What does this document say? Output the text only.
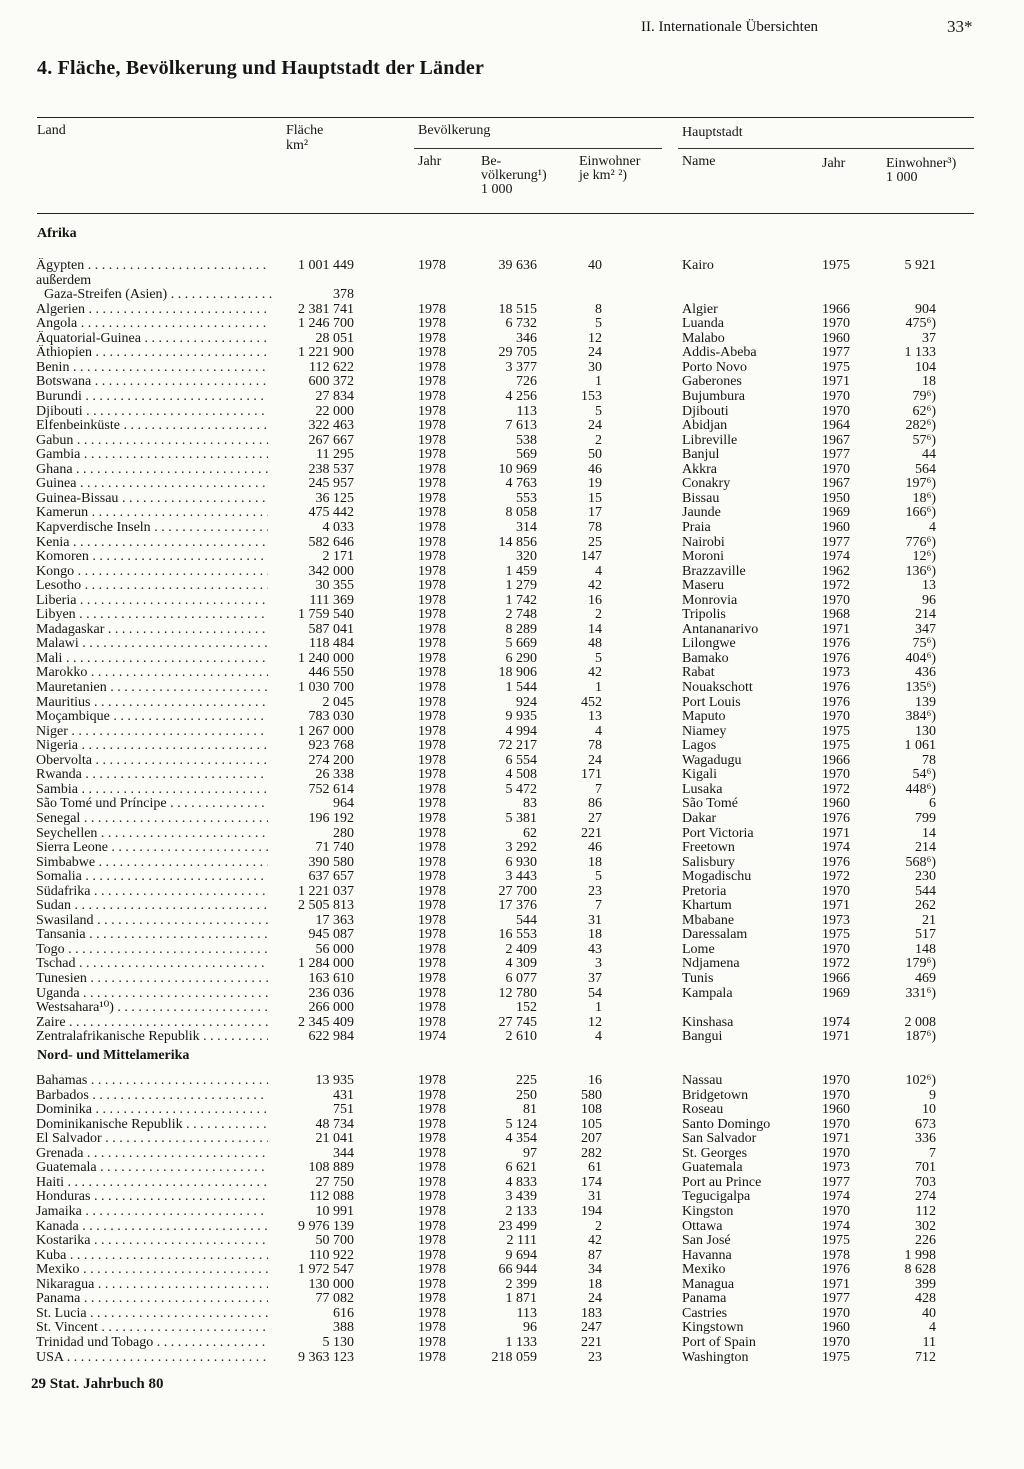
II. Internationale Übersichten	33*
4. Fläche, Bevölkerung und Hauptstadt der Länder
Land	Fläche
km²
Bevölkerung	Hauptstadt
Jahr	Be-
völkerung¹)
1 000
Einwohner
je km² ²)
Name	Jahr	Einwohner³)
1 000
Afrika
Ägypten . . .	1 001 449	1978	39 636	40	Kairo	1975	5 921
außerdem
Gaza-Streifen (Asien) . . .	378
Algerien . . .	2 381 741	1978	18 515	8	Algier	1966	904
Angola . . .	1 246 700	1978	6 732	5	Luanda	1970	475⁶)
Äquatorial-Guinea . . .	28 051	1978	346	12	Malabo	1960	37
Äthiopien . . .	1 221 900	1978	29 705	24	Addis-Abeba	1977	1 133
Benin . . .	112 622	1978	3 377	30	Porto Novo	1975	104
Botswana . . .	600 372	1978	726	1	Gaberones	1971	18
Burundi . . .	27 834	1978	4 256	153	Bujumbura	1970	79⁶)
Djibouti . . .	22 000	1978	113	5	Djibouti	1970	62⁶)
Elfenbeinküste . . .	322 463	1978	7 613	24	Abidjan	1964	282⁶)
Gabun . . .	267 667	1978	538	2	Libreville	1967	57⁶)
Gambia . . .	11 295	1978	569	50	Banjul	1977	44
Ghana . . .	238 537	1978	10 969	46	Akkra	1970	564
Guinea . . .	245 957	1978	4 763	19	Conakry	1967	197⁶)
Guinea-Bissau . . .	36 125	1978	553	15	Bissau	1950	18⁶)
Kamerun . . .	475 442	1978	8 058	17	Jaunde	1969	166⁶)
Kapverdische Inseln . . .	4 033	1978	314	78	Praia	1960	4
Kenia . . .	582 646	1978	14 856	25	Nairobi	1977	776⁶)
Komoren . . .	2 171	1978	320	147	Moroni	1974	12⁶)
Kongo . . .	342 000	1978	1 459	4	Brazzaville	1962	136⁶)
Lesotho . . .	30 355	1978	1 279	42	Maseru	1972	13
Liberia . . .	111 369	1978	1 742	16	Monrovia	1970	96
Libyen . . .	1 759 540	1978	2 748	2	Tripolis	1968	214
Madagaskar . . .	587 041	1978	8 289	14	Antananarivo	1971	347
Malawi . . .	118 484	1978	5 669	48	Lilongwe	1976	75⁶)
Mali . . .	1 240 000	1978	6 290	5	Bamako	1976	404⁶)
Marokko . . .	446 550	1978	18 906	42	Rabat	1973	436
Mauretanien . . .	1 030 700	1978	1 544	1	Nouakschott	1976	135⁶)
Mauritius . . .	2 045	1978	924	452	Port Louis	1976	139
Moçambique . . .	783 030	1978	9 935	13	Maputo	1970	384⁶)
Niger . . .	1 267 000	1978	4 994	4	Niamey	1975	130
Nigeria . . .	923 768	1978	72 217	78	Lagos	1975	1 061
Obervolta . . .	274 200	1978	6 554	24	Wagadugu	1966	78
Rwanda . . .	26 338	1978	4 508	171	Kigali	1970	54⁶)
Sambia . . .	752 614	1978	5 472	7	Lusaka	1972	448⁶)
São Tomé und Príncipe . . .	964	1978	83	86	São Tomé	1960	6
Senegal . . .	196 192	1978	5 381	27	Dakar	1976	799
Seychellen . . .	280	1978	62	221	Port Victoria	1971	14
Sierra Leone . . .	71 740	1978	3 292	46	Freetown	1974	214
Simbabwe . . .	390 580	1978	6 930	18	Salisbury	1976	568⁶)
Somalia . . .	637 657	1978	3 443	5	Mogadischu	1972	230
Südafrika . . .	1 221 037	1978	27 700	23	Pretoria	1970	544
Sudan . . .	2 505 813	1978	17 376	7	Khartum	1971	262
Swasiland . . .	17 363	1978	544	31	Mbabane	1973	21
Tansania . . .	945 087	1978	16 553	18	Daressalam	1975	517
Togo . . .	56 000	1978	2 409	43	Lome	1970	148
Tschad . . .	1 284 000	1978	4 309	3	Ndjamena	1972	179⁶)
Tunesien . . .	163 610	1978	6 077	37	Tunis	1966	469
Uganda . . .	236 036	1978	12 780	54	Kampala	1969	331⁶)
Westsahara¹⁰) . . .	266 000	1978	152	1
Zaire . . .	2 345 409	1978	27 745	12	Kinshasa	1974	2 008
Zentralafrikanische Republik . . .	622 984	1974	2 610	4	Bangui	1971	187⁶)
Nord- und Mittelamerika
Bahamas . . .	13 935	1978	225	16	Nassau	1970	102⁶)
Barbados . . .	431	1978	250	580	Bridgetown	1970	9
Dominika . . .	751	1978	81	108	Roseau	1960	10
Dominikanische Republik . . .	48 734	1978	5 124	105	Santo Domingo	1970	673
El Salvador . . .	21 041	1978	4 354	207	San Salvador	1971	336
Grenada . . .	344	1978	97	282	St. Georges	1970	7
Guatemala . . .	108 889	1978	6 621	61	Guatemala	1973	701
Haiti . . .	27 750	1978	4 833	174	Port au Prince	1977	703
Honduras . . .	112 088	1978	3 439	31	Tegucigalpa	1974	274
Jamaika . . .	10 991	1978	2 133	194	Kingston	1970	112
Kanada . . .	9 976 139	1978	23 499	2	Ottawa	1974	302
Kostarika . . .	50 700	1978	2 111	42	San José	1975	226
Kuba . . .	110 922	1978	9 694	87	Havanna	1978	1 998
Mexiko . . .	1 972 547	1978	66 944	34	Mexiko	1976	8 628
Nikaragua . . .	130 000	1978	2 399	18	Managua	1971	399
Panama . . .	77 082	1978	1 871	24	Panama	1977	428
St. Lucia . . .	616	1978	113	183	Castries	1970	40
St. Vincent . . .	388	1978	96	247	Kingstown	1960	4
Trinidad und Tobago . . .	5 130	1978	1 133	221	Port of Spain	1970	11
USA . . .	9 363 123	1978	218 059	23	Washington	1975	712
29 Stat. Jahrbuch 80
